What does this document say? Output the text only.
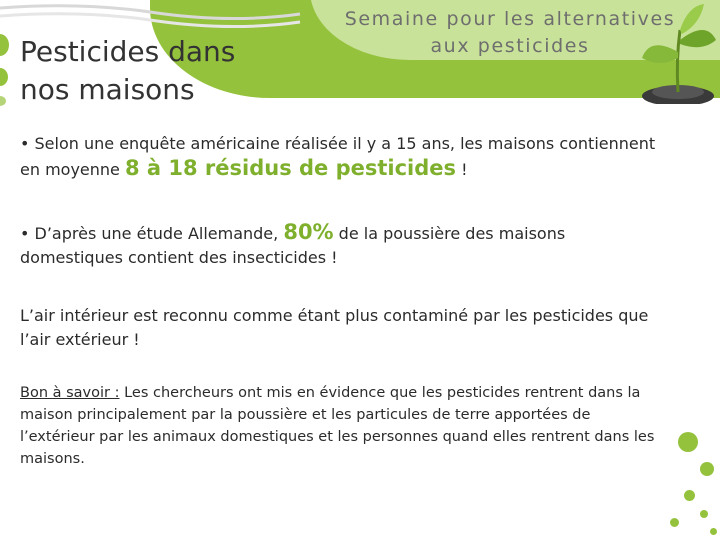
Semaine pour les alternatives
aux pesticides
Pesticides dans
nos maisons

• Selon une enquête américaine réalisée il y a 15 ans, les maisons contiennent en moyenne 8 à 18 résidus de pesticides !

• D’après une étude Allemande, 80% de la poussière des maisons domestiques contient des insecticides !

L’air intérieur est reconnu comme étant plus contaminé par les pesticides que l’air extérieur !

Bon à savoir : Les chercheurs ont mis en évidence que les pesticides rentrent dans la maison principalement par la poussière et les particules de terre apportées de l’extérieur par les animaux domestiques et les personnes quand elles rentrent dans les maisons.
